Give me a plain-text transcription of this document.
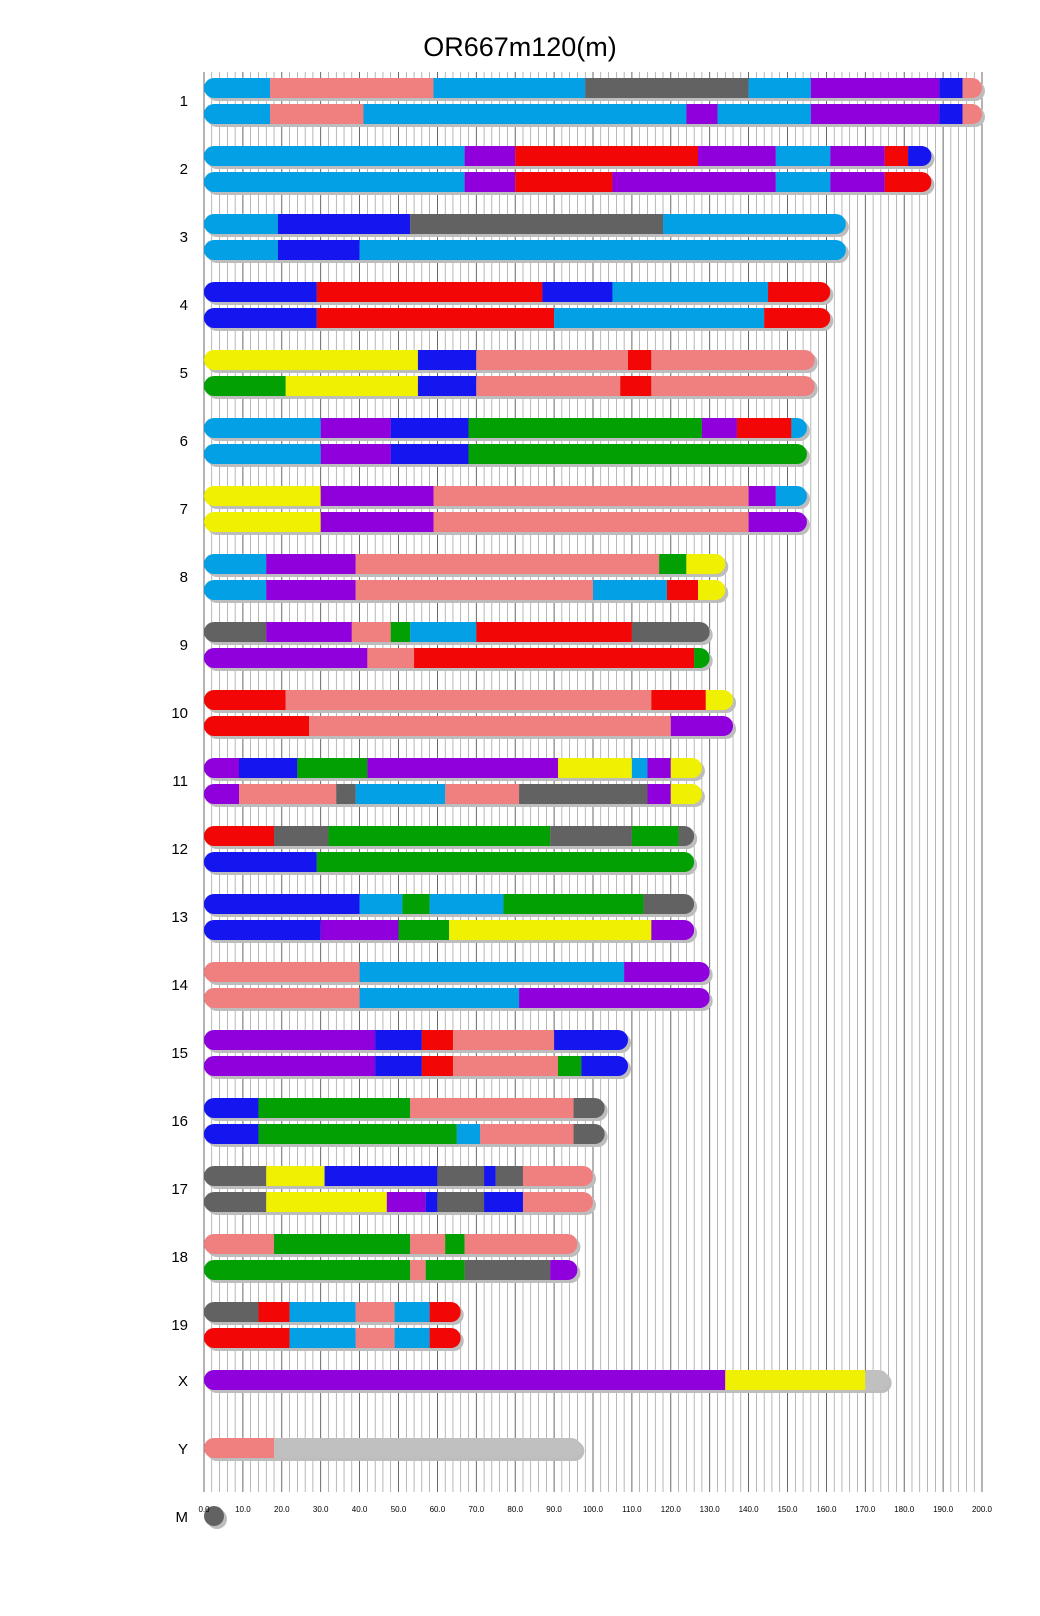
OR667m120(m)
1
2
3
4
5
6
7
8
9
10
11
12
13
14
15
16
17
18
19
X
Y
M 0.0	10.0	20.0	30.0	40.0	50.0	60.0	70.0	80.0	90.0	100.0 110.0 120.0 130.0 140.0 150.0 160.0 170.0 180.0 190.0 200.0
